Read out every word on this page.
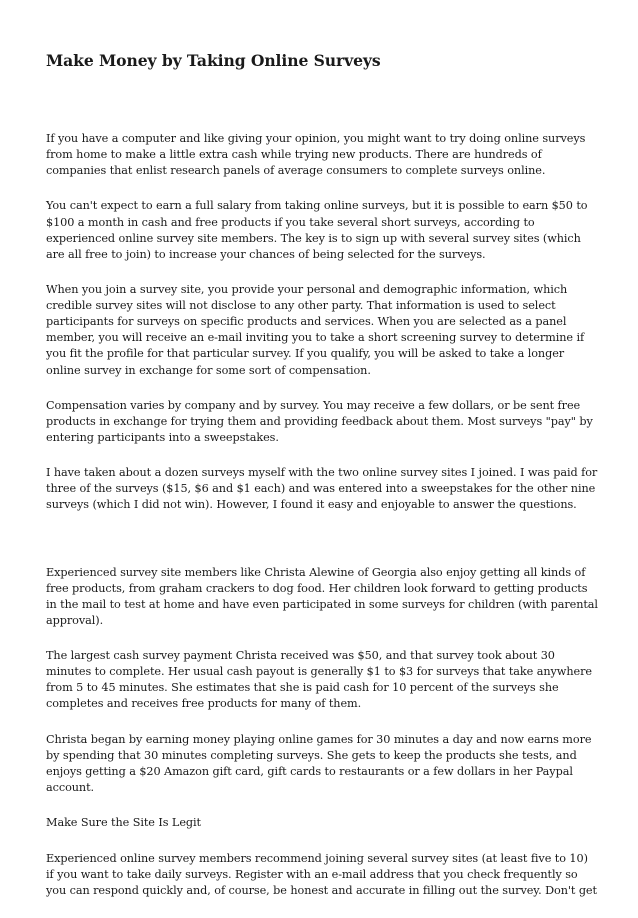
Make Money by Taking Online Surveys

If you have a computer and like giving your opinion, you might want to try doing online surveys from home to make a little extra cash while trying new products. There are hundreds of companies that enlist research panels of average consumers to complete surveys online.

You can't expect to earn a full salary from taking online surveys, but it is possible to earn $50 to $100 a month in cash and free products if you take several short surveys, according to experienced online survey site members. The key is to sign up with several survey sites (which are all free to join) to increase your chances of being selected for the surveys.

When you join a survey site, you provide your personal and demographic information, which credible survey sites will not disclose to any other party. That information is used to select participants for surveys on specific products and services. When you are selected as a panel member, you will receive an e-mail inviting you to take a short screening survey to determine if you fit the profile for that particular survey. If you qualify, you will be asked to take a longer online survey in exchange for some sort of compensation.

Compensation varies by company and by survey. You may receive a few dollars, or be sent free products in exchange for trying them and providing feedback about them. Most surveys "pay" by entering participants into a sweepstakes.

I have taken about a dozen surveys myself with the two online survey sites I joined. I was paid for three of the surveys ($15, $6 and $1 each) and was entered into a sweepstakes for the other nine surveys (which I did not win). However, I found it easy and enjoyable to answer the questions.

Experienced survey site members like Christa Alewine of Georgia also enjoy getting all kinds of free products, from graham crackers to dog food. Her children look forward to getting products in the mail to test at home and have even participated in some surveys for children (with parental approval).

The largest cash survey payment Christa received was $50, and that survey took about 30 minutes to complete. Her usual cash payout is generally $1 to $3 for surveys that take anywhere from 5 to 45 minutes. She estimates that she is paid cash for 10 percent of the surveys she completes and receives free products for many of them.

Christa began by earning money playing online games for 30 minutes a day and now earns more by spending that 30 minutes completing surveys. She gets to keep the products she tests, and enjoys getting a $20 Amazon gift card, gift cards to restaurants or a few dollars in her Paypal account.

Make Sure the Site Is Legit

Experienced online survey members recommend joining several survey sites (at least five to 10) if you want to take daily surveys. Register with an e-mail address that you check frequently so you can respond quickly and, of course, be honest and accurate in filling out the survey. Don't get
